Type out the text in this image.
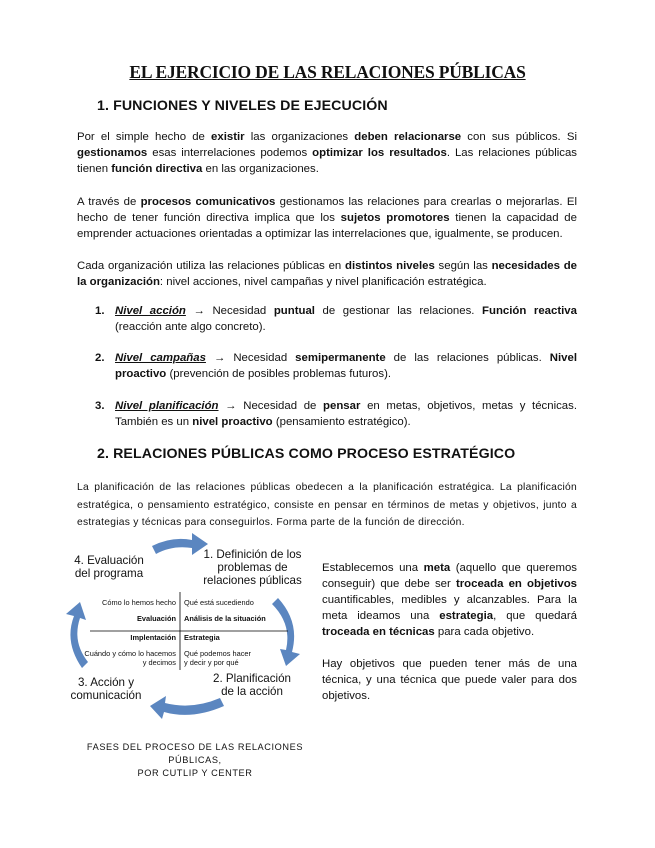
EL EJERCICIO DE LAS RELACIONES PÚBLICAS
1. FUNCIONES Y NIVELES DE EJECUCIÓN
Por el simple hecho de existir las organizaciones deben relacionarse con sus públicos. Si gestionamos esas interrelaciones podemos optimizar los resultados. Las relaciones públicas tienen función directiva en las organizaciones.
A través de procesos comunicativos gestionamos las relaciones para crearlas o mejorarlas. El hecho de tener función directiva implica que los sujetos promotores tienen la capacidad de emprender actuaciones orientadas a optimizar las interrelaciones que, igualmente, se producen.
Cada organización utiliza las relaciones públicas en distintos niveles según las necesidades de la organización: nivel acciones, nivel campañas y nivel planificación estratégica.
1. Nivel acción → Necesidad puntual de gestionar las relaciones. Función reactiva (reacción ante algo concreto).
2. Nivel campañas → Necesidad semipermanente de las relaciones públicas. Nivel proactivo (prevención de posibles problemas futuros).
3. Nivel planificación → Necesidad de pensar en metas, objetivos, metas y técnicas. También es un nivel proactivo (pensamiento estratégico).
2. RELACIONES PÚBLICAS COMO PROCESO ESTRATÉGICO
La planificación de las relaciones públicas obedecen a la planificación estratégica. La planificación estratégica, o pensamiento estratégico, consiste en pensar en términos de metas y objetivos, junto a estrategias y técnicas para conseguirlos. Forma parte de la función de dirección.
1. Definición de los problemas de relaciones públicas
2. Planificación de la acción
3. Acción y comunicación
4. Evaluación del programa
Cómo lo hemos hecho Qué está sucediendo
Evaluación Análisis de la situación
Implentación Estrategia
Cuándo y cómo lo hacemos y decimos
Qué podemos hacer y decir y por qué
Establecemos una meta (aquello que queremos conseguir) que debe ser troceada en objetivos cuantificables, medibles y alcanzables. Para la meta ideamos una estrategia, que quedará troceada en técnicas para cada objetivo.
Hay objetivos que pueden tener más de una técnica, y una técnica que puede valer para dos objetivos.
FASES DEL PROCESO DE LAS RELACIONES PÚBLICAS,
POR CUTLIP Y CENTER
